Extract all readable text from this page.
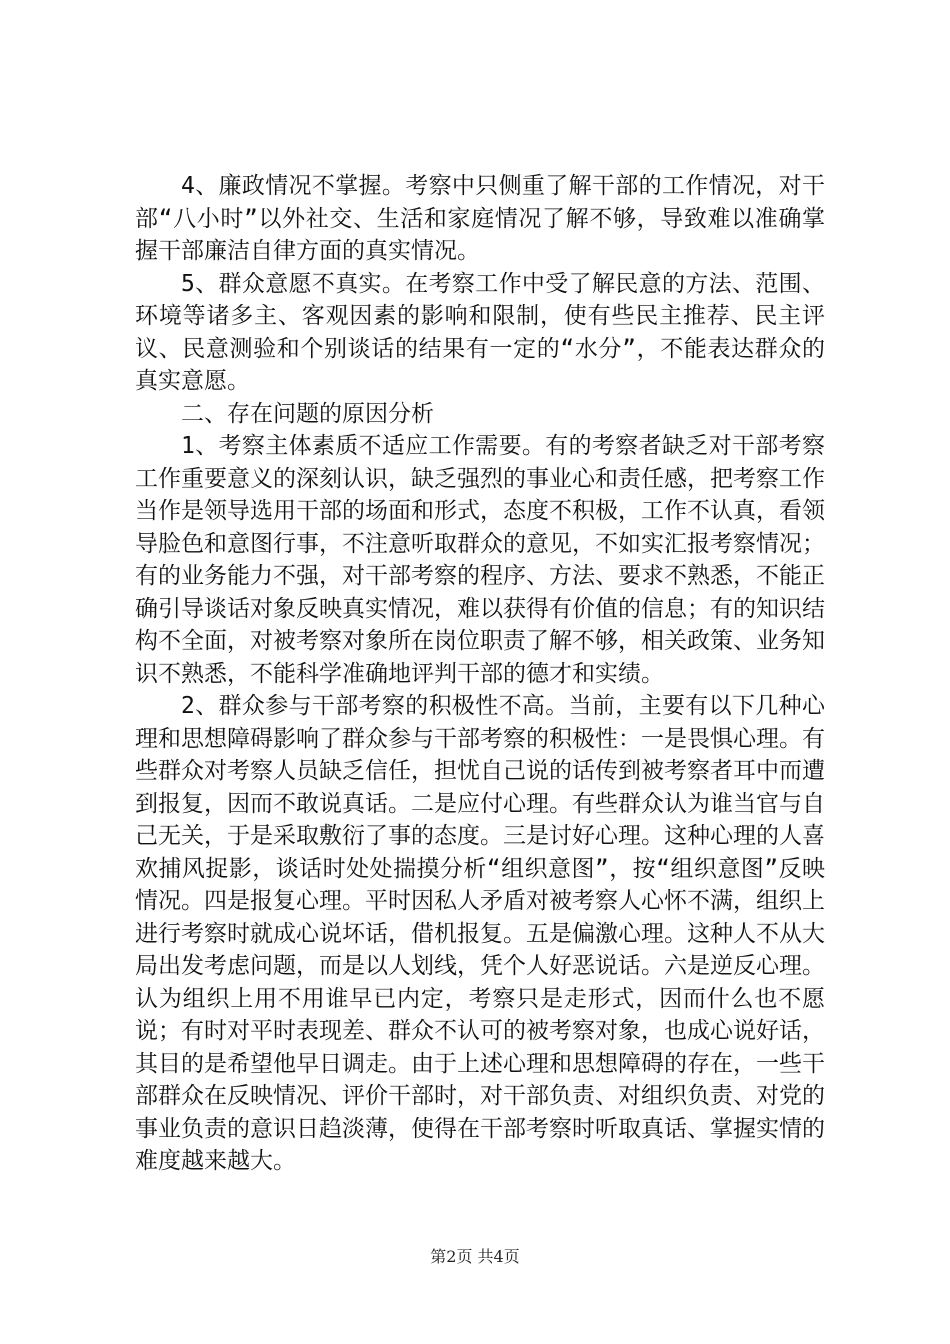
4、廉政情况不掌握。考察中只侧重了解干部的工作情况，对干部“八小时”以外社交、生活和家庭情况了解不够，导致难以准确掌握干部廉洁自律方面的真实情况。

5、群众意愿不真实。在考察工作中受了解民意的方法、范围、环境等诸多主、客观因素的影响和限制，使有些民主推荐、民主评议、民意测验和个别谈话的结果有一定的“水分”，不能表达群众的真实意愿。

二、存在问题的原因分析

1、考察主体素质不适应工作需要。有的考察者缺乏对干部考察工作重要意义的深刻认识，缺乏强烈的事业心和责任感，把考察工作当作是领导选用干部的场面和形式，态度不积极，工作不认真，看领导脸色和意图行事，不注意听取群众的意见，不如实汇报考察情况；有的业务能力不强，对干部考察的程序、方法、要求不熟悉，不能正确引导谈话对象反映真实情况，难以获得有价值的信息；有的知识结构不全面，对被考察对象所在岗位职责了解不够，相关政策、业务知识不熟悉，不能科学准确地评判干部的德才和实绩。

2、群众参与干部考察的积极性不高。当前，主要有以下几种心理和思想障碍影响了群众参与干部考察的积极性：一是畏惧心理。有些群众对考察人员缺乏信任，担忧自己说的话传到被考察者耳中而遭到报复，因而不敢说真话。二是应付心理。有些群众认为谁当官与自己无关，于是采取敷衍了事的态度。三是讨好心理。这种心理的人喜欢捕风捉影，谈话时处处揣摸分析“组织意图”，按“组织意图”反映情况。四是报复心理。平时因私人矛盾对被考察人心怀不满，组织上进行考察时就成心说坏话，借机报复。五是偏激心理。这种人不从大局出发考虑问题，而是以人划线，凭个人好恶说话。六是逆反心理。认为组织上用不用谁早已内定，考察只是走形式，因而什么也不愿说；有时对平时表现差、群众不认可的被考察对象，也成心说好话，其目的是希望他早日调走。由于上述心理和思想障碍的存在，一些干部群众在反映情况、评价干部时，对干部负责、对组织负责、对党的事业负责的意识日趋淡薄，使得在干部考察时听取真话、掌握实情的难度越来越大。

第2页 共4页
